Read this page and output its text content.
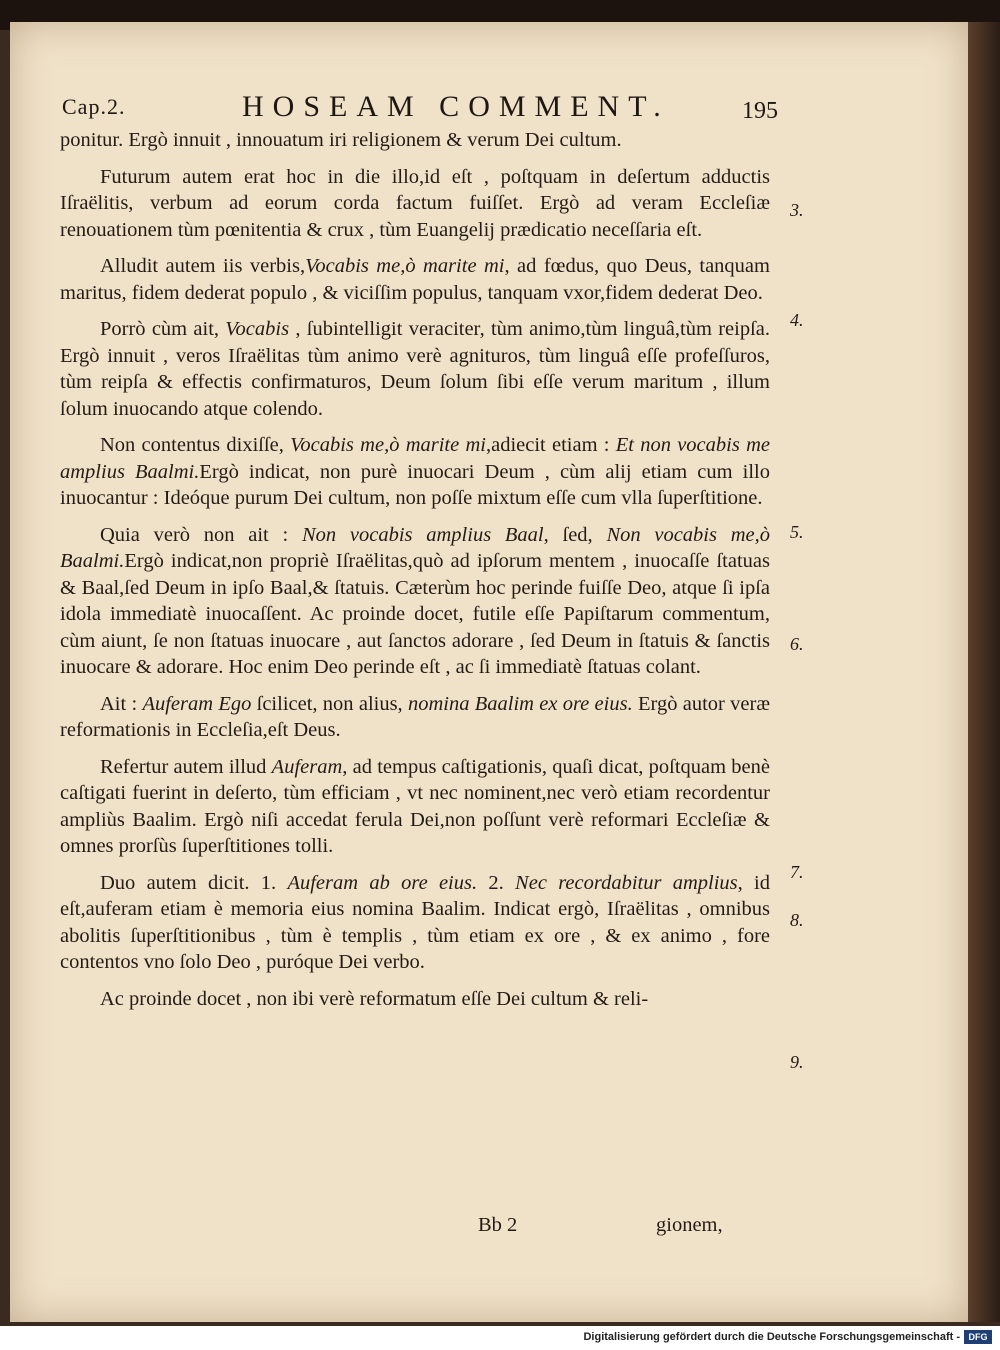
Cap.2.	HOSEAM COMMENT.	195

ponitur. Ergò innuit , innouatum iri religionem & verum Dei cultum.

Futurum autem erat hoc in die illo,id eſt , poſtquam in deſertum adductis Iſraëlitis, verbum ad eorum corda factum fuiſſet. Ergò ad veram Eccleſiæ renouationem tùm pœnitentia & crux , tùm Euangelij prædicatio neceſſaria eſt.

Alludit autem iis verbis,Vocabis me,ò marite mi, ad fœdus, quo Deus, tanquam maritus, fidem dederat populo , & viciſſim populus, tanquam vxor,fidem dederat Deo.

Porrò cùm ait, Vocabis , ſubintelligit veraciter, tùm animo,tùm linguâ,tùm reipſa. Ergò innuit , veros Iſraëlitas tùm animo verè agnituros, tùm linguâ eſſe profeſſuros, tùm reipſa & effectis confirmaturos, Deum ſolum ſibi eſſe verum maritum , illum ſolum inuocando atque colendo.

Non contentus dixiſſe, Vocabis me,ò marite mi,adiecit etiam : Et non vocabis me amplius Baalmi.Ergò indicat, non purè inuocari Deum , cùm alij etiam cum illo inuocantur : Ideóque purum Dei cultum, non poſſe mixtum eſſe cum vlla ſuperſtitione.

Quia verò non ait : Non vocabis amplius Baal, ſed, Non vocabis me,ò Baalmi.Ergò indicat,non propriè Iſraëlitas,quò ad ipſorum mentem , inuocaſſe ſtatuas & Baal,ſed Deum in ipſo Baal,& ſtatuis. Cæterùm hoc perinde fuiſſe Deo, atque ſi ipſa idola immediatè inuocaſſent. Ac proinde docet, futile eſſe Papiſtarum commentum, cùm aiunt, ſe non ſtatuas inuocare , aut ſanctos adorare , ſed Deum in ſtatuis & ſanctis inuocare & adorare. Hoc enim Deo perinde eſt , ac ſi immediatè ſtatuas colant.

Ait : Auferam Ego ſcilicet, non alius, nomina Baalim ex ore eius. Ergò autor veræ reformationis in Eccleſia,eſt Deus.

Refertur autem illud Auferam, ad tempus caſtigationis, quaſi dicat, poſtquam benè caſtigati fuerint in deſerto, tùm efficiam , vt nec nominent,nec verò etiam recordentur ampliùs Baalim. Ergò niſi accedat ferula Dei,non poſſunt verè reformari Eccleſiæ & omnes prorſùs ſuperſtitiones tolli.

Duo autem dicit. 1. Auferam ab ore eius. 2. Nec recordabitur amplius, id eſt,auferam etiam è memoria eius nomina Baalim. Indicat ergò, Iſraëlitas , omnibus abolitis ſuperſtitionibus , tùm è templis , tùm etiam ex ore , & ex animo , fore contentos vno ſolo Deo , puróque Dei verbo.

Ac proinde docet , non ibi verè reformatum eſſe Dei cultum & reli-

3.
4.
5.
6.
7.
8.
9.
Bb 2	gionem,
Digitalisierung gefördert durch die Deutsche Forschungsgemeinschaft - DFG
